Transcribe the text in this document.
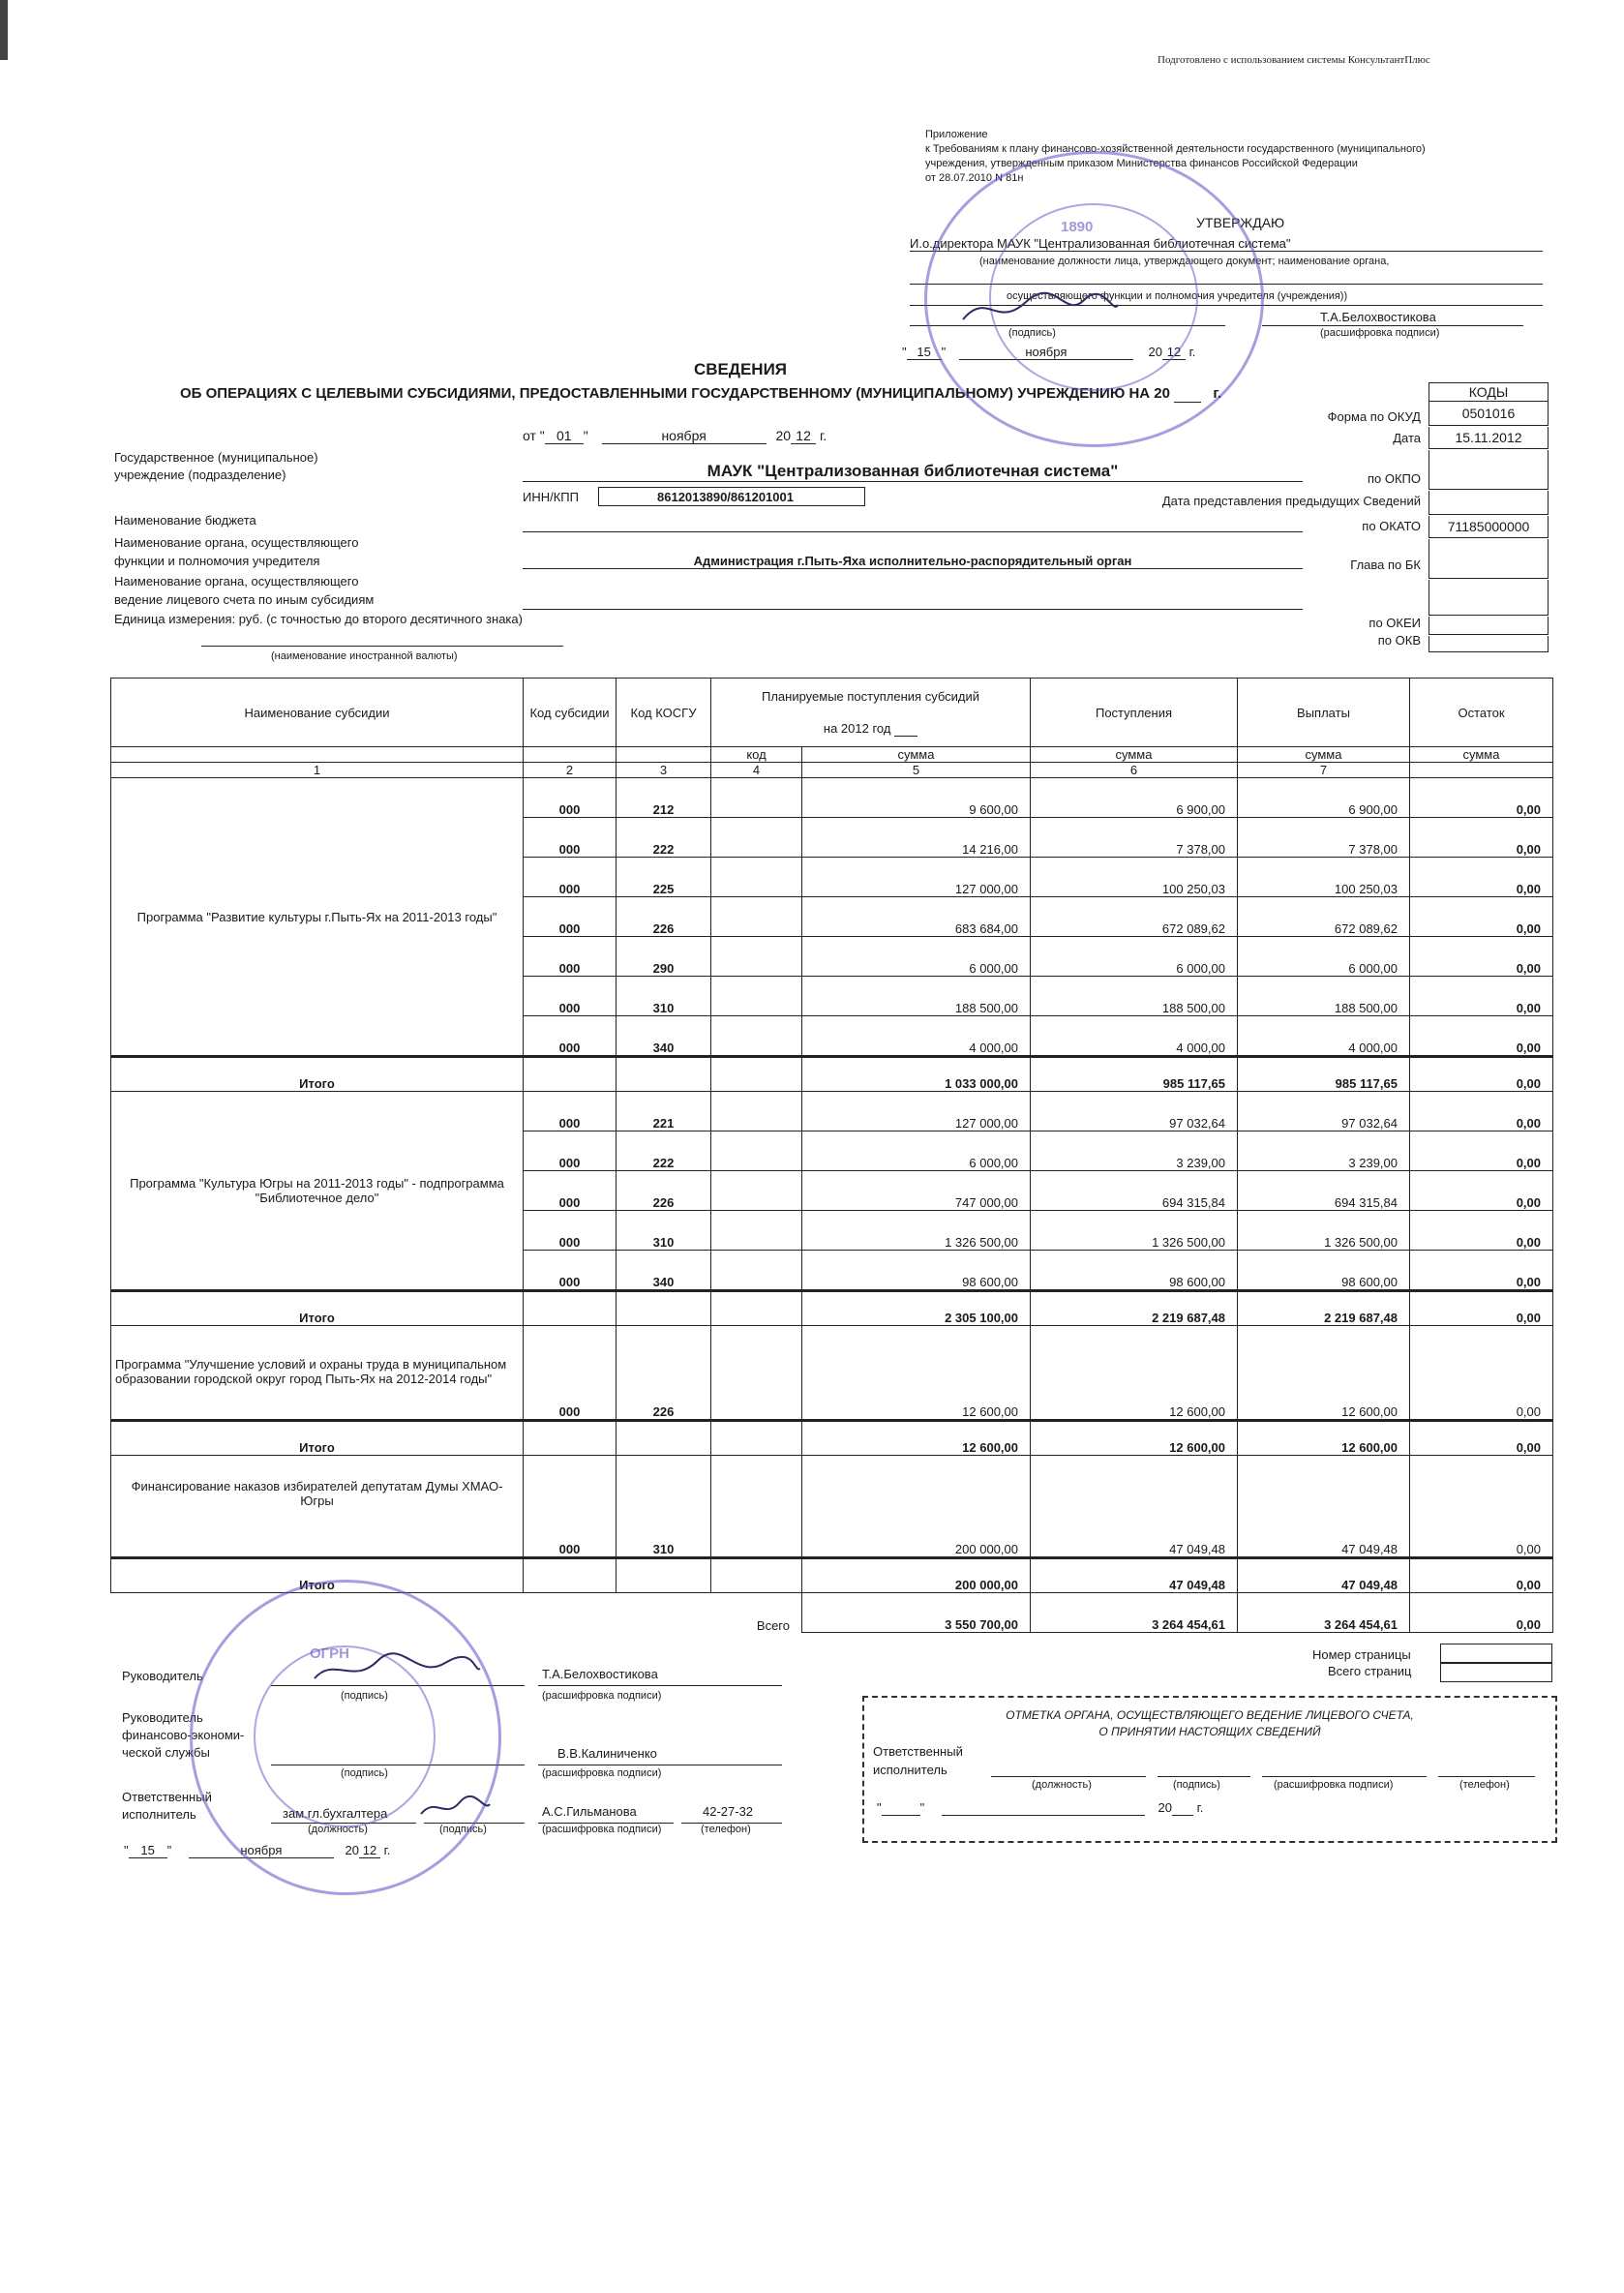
Подготовлено с использованием системы КонсультантПлюс
Приложение
к Требованиям к плану финансово-хозяйственной деятельности государственного (муниципального)
учреждения, утвержденным приказом Министерства финансов Российской Федерации
от 28.07.2010 N 81н
УТВЕРЖДАЮ
И.о.директора МАУК "Централизованная библиотечная система"
(наименование должности лица, утверждающего документ; наименование органа,
осуществляющего функции и полномочия учредителя (учреждения))
Т.А.Белохвостикова
(подпись)	(расшифровка подписи)
" 15 "	ноября	20 12 г.
СВЕДЕНИЯ
ОБ ОПЕРАЦИЯХ С ЦЕЛЕВЫМИ СУБСИДИЯМИ, ПРЕДОСТАВЛЕННЫМИ ГОСУДАРСТВЕННОМУ (МУНИЦИПАЛЬНОМУ) УЧРЕЖДЕНИЮ НА 20	г.	КОДЫ
Форма по ОКУД	0501016
Дата	15.11.2012
по ОКПО
Дата представления предыдущих Сведений
по ОКАТО	71185000000
Глава по БК
по ОКЕИ
по ОКВ
от " 01 "	ноября	20 12 г.
Государственное (муниципальное)
учреждение (подразделение)	МАУК "Централизованная библиотечная система"
ИНН/КПП	8612013890/861201001
Наименование бюджета
Наименование органа, осуществляющего
функции и полномочия учредителя	Администрация г.Пыть-Яха исполнительно-распорядительный орган
Наименование органа, осуществляющего
ведение лицевого счета по иным субсидиям
Единица измерения: руб. (с точностью до второго десятичного знака)
(наименование иностранной валюты)
Наименование субсидии	Код субсидии	Код КОСГУ	Планируемые поступления субсидий
на 2012 год		Поступления	Выплаты	Остаток

			код	сумма	сумма	сумма	сумма
1	2	3	4	5	6	7	
Программа "Развитие культуры г.Пыть-Ях на 2011-2013 годы"	000	212		9 600,00	6 900,00	6 900,00	0,00
	000	222		14 216,00	7 378,00	7 378,00	0,00
	000	225		127 000,00	100 250,03	100 250,03	0,00
	000	226		683 684,00	672 089,62	672 089,62	0,00
	000	290		6 000,00	6 000,00	6 000,00	0,00
	000	310		188 500,00	188 500,00	188 500,00	0,00
	000	340		4 000,00	4 000,00	4 000,00	0,00
Итого				1 033 000,00	985 117,65	985 117,65	0,00
Программа "Культура Югры на 2011-2013 годы" - подпрограмма "Библиотечное дело"	000	221		127 000,00	97 032,64	97 032,64	0,00
	000	222		6 000,00	3 239,00	3 239,00	0,00
	000	226		747 000,00	694 315,84	694 315,84	0,00
	000	310		1 326 500,00	1 326 500,00	1 326 500,00	0,00
	000	340		98 600,00	98 600,00	98 600,00	0,00
Итого				2 305 100,00	2 219 687,48	2 219 687,48	0,00
Программа "Улучшение условий и охраны труда в муниципальном образовании городской округ город Пыть-Ях на 2012-2014 годы"	000	226		12 600,00	12 600,00	12 600,00	0,00
Итого				12 600,00	12 600,00	12 600,00	0,00
Финансирование наказов избирателей депутатам Думы ХМАО-Югры	000	310		200 000,00	47 049,48	47 049,48	0,00
Итого				200 000,00	47 049,48	47 049,48	0,00
Всего				3 550 700,00	3 264 454,61	3 264 454,61	0,00
Номер страницы
Всего страниц
Руководитель	Т.А.Белохвостикова
(подпись)	(расшифровка подписи)
Руководитель
финансово-экономи-
ческой службы	В.В.Калиниченко
(подпись)	(расшифровка подписи)
Ответственный
исполнитель	зам.гл.бухгалтера	А.С.Гильманова	42-27-32
(должность)	(подпись)	(расшифровка подписи)	(телефон)
" 15 "	ноября	20 12 г.
ОТМЕТКА ОРГАНА, ОСУЩЕСТВЛЯЮЩЕГО ВЕДЕНИЕ ЛИЦЕВОГО СЧЕТА,
О ПРИНЯТИИ НАСТОЯЩИХ СВЕДЕНИЙ
Ответственный
исполнитель
(должность)	(подпись)	(расшифровка подписи)	(телефон)
"	"	20 г.
1890
ОГРН
